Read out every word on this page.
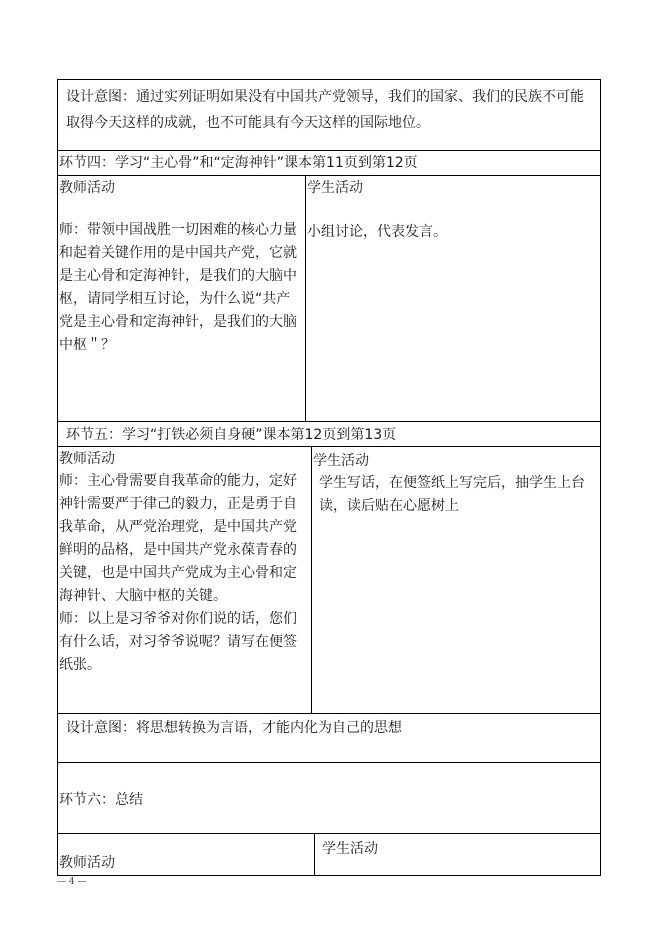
设计意图：通过实列证明如果没有中国共产党领导，我们的国家、我们的民族不可能取得今天这样的成就，也不可能具有今天这样的国际地位。
环节四：学习“主心骨”和“定海神针”课本第11页到第12页
教师活动	学生活动
师：带领中国战胜一切困难的核心力量和起着关键作用的是中国共产党，它就是主心骨和定海神针，是我们的大脑中枢，请同学相互讨论，为什么说“共产党是主心骨和定海神针，是我们的大脑中枢＂？
小组讨论，代表发言。
环节五：学习“打铁必须自身硬”课本第12页到第13页
教师活动	学生活动
师：主心骨需要自我革命的能力，定好神针需要严于律己的毅力，正是勇于自我革命，从严党治理党，是中国共产党鲜明的品格，是中国共产党永葆青春的关键，也是中国共产党成为主心骨和定海神针、大脑中枢的关键。
师：以上是习爷爷对你们说的话，您们有什么话，对习爷爷说呢？请写在便签纸张。
学生写话，在便签纸上写完后，抽学生上台读，读后贴在心愿树上
设计意图：将思想转换为言语，才能内化为自己的思想
环节六：总结
学生活动
教师活动
— 4 —
